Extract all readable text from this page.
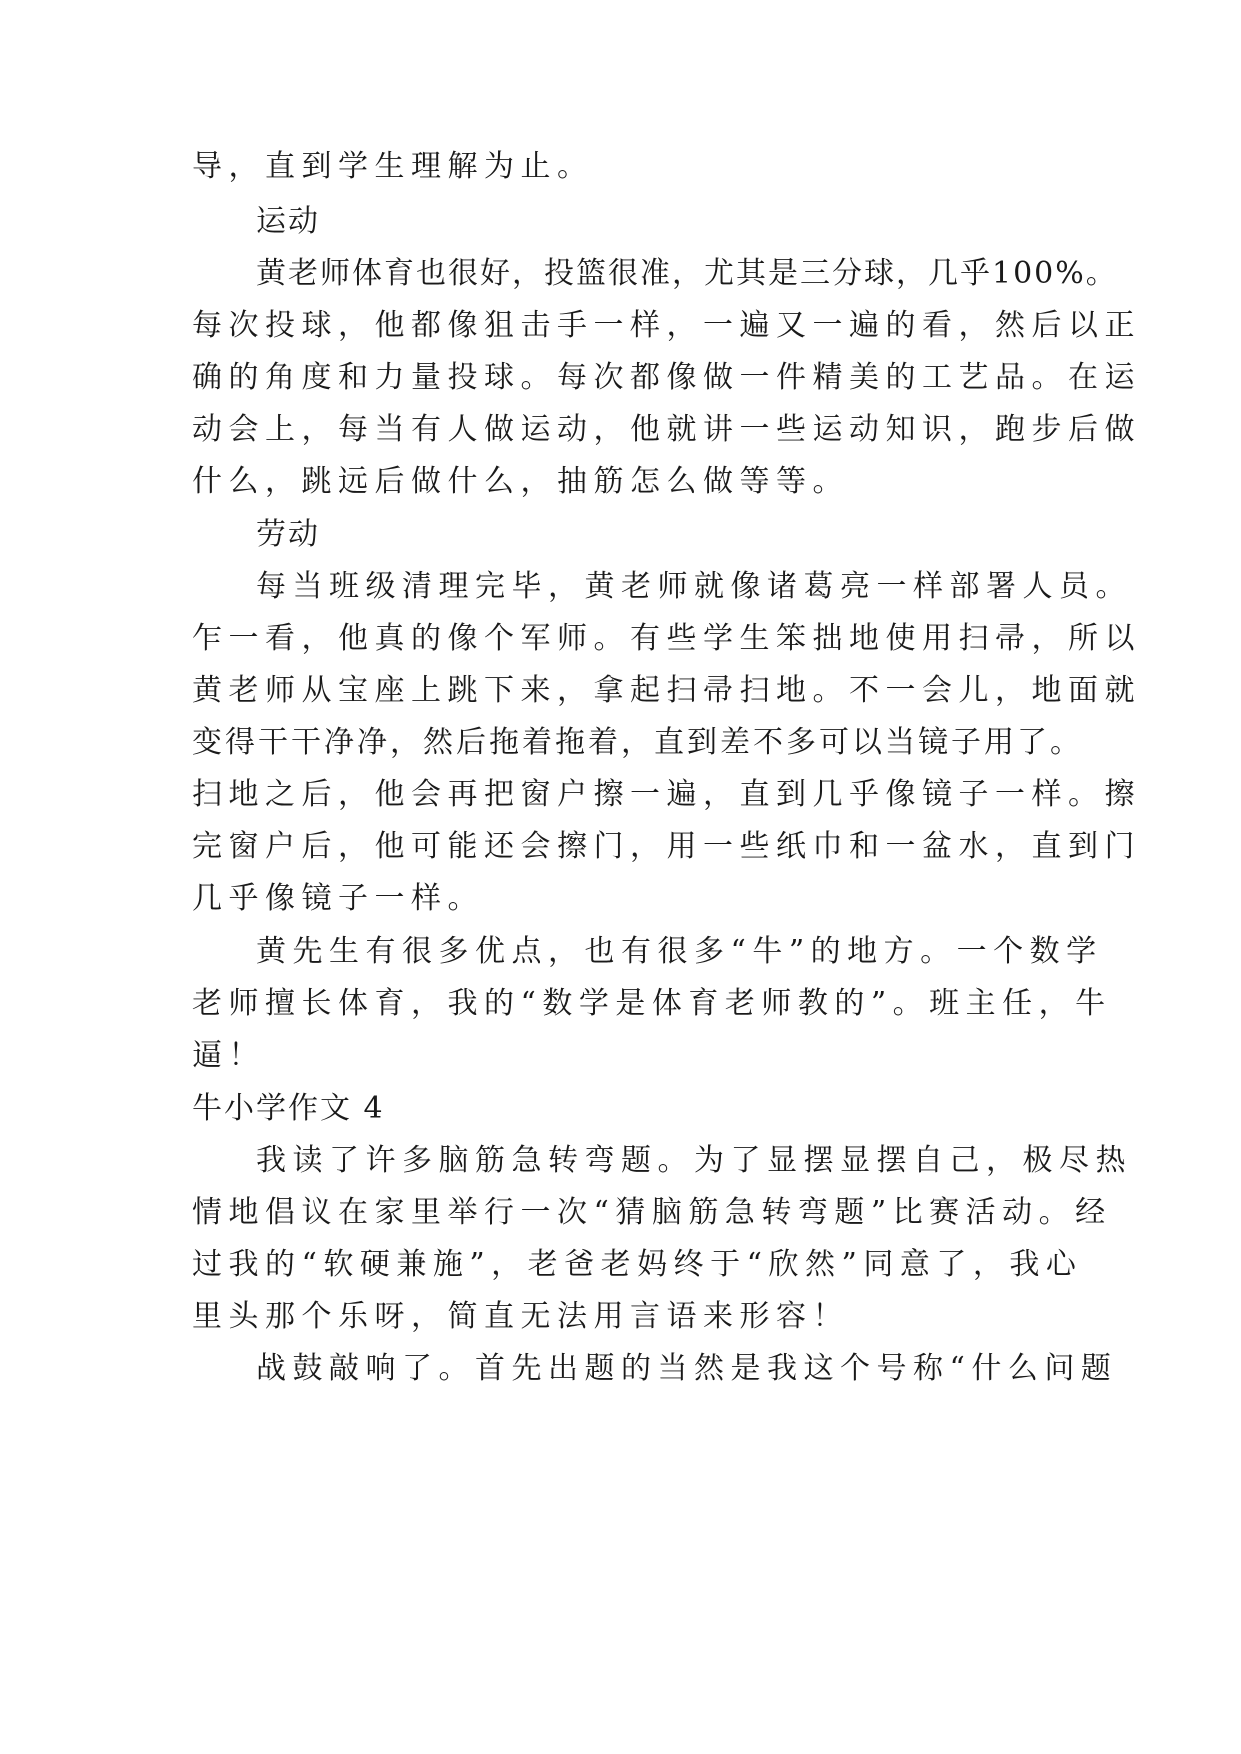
导，直到学生理解为止。
运动
黄老师体育也很好，投篮很准，尤其是三分球，几乎100%。
每次投球，他都像狙击手一样，一遍又一遍的看，然后以正
确的角度和力量投球。每次都像做一件精美的工艺品。在运
动会上，每当有人做运动，他就讲一些运动知识，跑步后做
什么，跳远后做什么，抽筋怎么做等等。
劳动
每当班级清理完毕，黄老师就像诸葛亮一样部署人员。
乍一看，他真的像个军师。有些学生笨拙地使用扫帚，所以
黄老师从宝座上跳下来，拿起扫帚扫地。不一会儿，地面就
变得干干净净，然后拖着拖着，直到差不多可以当镜子用了。
扫地之后，他会再把窗户擦一遍，直到几乎像镜子一样。擦
完窗户后，他可能还会擦门，用一些纸巾和一盆水，直到门
几乎像镜子一样。
黄先生有很多优点，也有很多“牛”的地方。一个数学
老师擅长体育，我的“数学是体育老师教的”。班主任，牛
逼！
牛小学作文 4
我读了许多脑筋急转弯题。为了显摆显摆自己，极尽热
情地倡议在家里举行一次“猜脑筋急转弯题”比赛活动。经
过我的“软硬兼施”，老爸老妈终于“欣然”同意了，我心
里头那个乐呀，简直无法用言语来形容！
战鼓敲响了。首先出题的当然是我这个号称“什么问题
